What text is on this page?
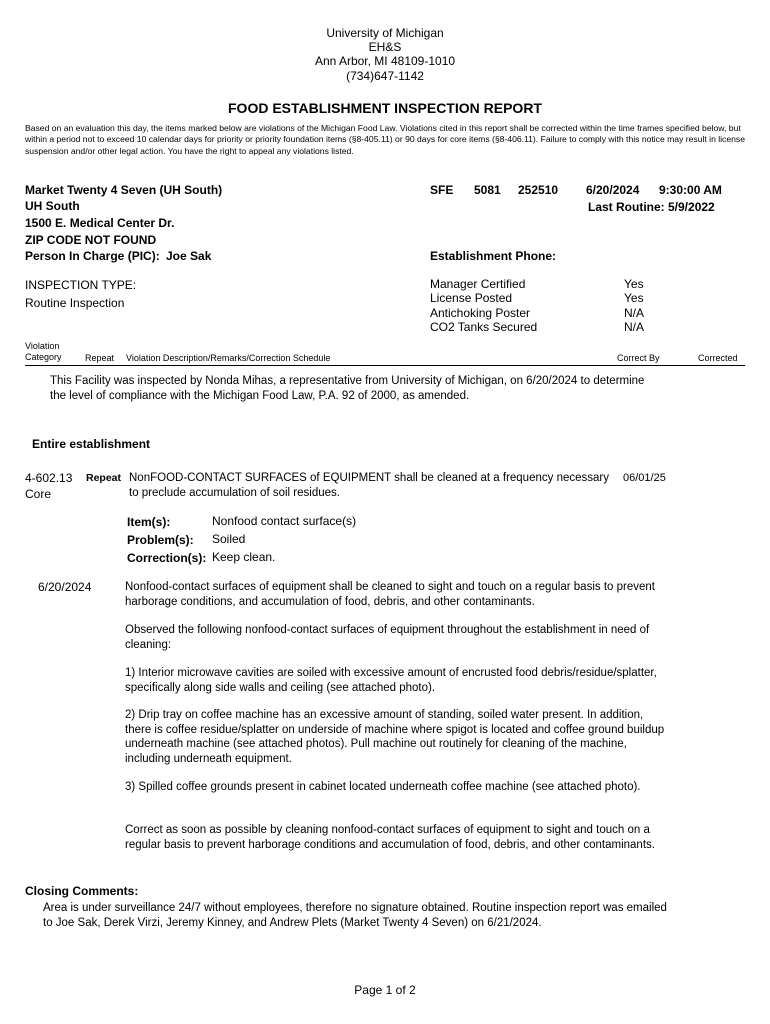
University of Michigan
EH&S
Ann Arbor, MI 48109-1010
(734)647-1142
FOOD ESTABLISHMENT INSPECTION REPORT
Based on an evaluation this day, the items marked below are violations of the Michigan Food Law. Violations cited in this report shall be corrected within the time frames specified below, but within a period not to exceed 10 calendar days for priority or priority foundation items (§8-405.11) or 90 days for core items (§8-406.11). Failure to comply with this notice may result in license suspension and/or other legal action. You have the right to appeal any violations listed.
Market Twenty 4 Seven (UH South)
UH South
1500 E. Medical Center Dr.
ZIP CODE NOT FOUND
Person In Charge (PIC): Joe Sak
SFE 5081 252510 6/20/2024 9:30:00 AM
Last Routine: 5/9/2022
Establishment Phone:
INSPECTION TYPE:
Routine Inspection
Manager Certified	Yes
License Posted	Yes
Antichoking Poster	N/A
CO2 Tanks Secured	N/A
Violation
Category	Repeat Violation Description/Remarks/Correction Schedule	Correct By	Corrected
This Facility was inspected by Nonda Mihas, a representative from University of Michigan, on 6/20/2024 to determine the level of compliance with the Michigan Food Law, P.A. 92 of 2000, as amended.
Entire establishment
4-602.13
Core
Repeat NonFOOD-CONTACT SURFACES of EQUIPMENT shall be cleaned at a frequency necessary to preclude accumulation of soil residues.
06/01/25
Item(s):	Nonfood contact surface(s)
Problem(s): Soiled
Correction(s): Keep clean.
6/20/2024	Nonfood-contact surfaces of equipment shall be cleaned to sight and touch on a regular basis to prevent harborage conditions, and accumulation of food, debris, and other contaminants.
Observed the following nonfood-contact surfaces of equipment throughout the establishment in need of cleaning:
1) Interior microwave cavities are soiled with excessive amount of encrusted food debris/residue/splatter, specifically along side walls and ceiling (see attached photo).
2) Drip tray on coffee machine has an excessive amount of standing, soiled water present. In addition, there is coffee residue/splatter on underside of machine where spigot is located and coffee ground buildup underneath machine (see attached photos). Pull machine out routinely for cleaning of the machine, including underneath equipment.
3) Spilled coffee grounds present in cabinet located underneath coffee machine (see attached photo).
Correct as soon as possible by cleaning nonfood-contact surfaces of equipment to sight and touch on a regular basis to prevent harborage conditions and accumulation of food, debris, and other contaminants.
Closing Comments:
Area is under surveillance 24/7 without employees, therefore no signature obtained. Routine inspection report was emailed to Joe Sak, Derek Virzi, Jeremy Kinney, and Andrew Plets (Market Twenty 4 Seven) on 6/21/2024.
Page 1 of 2
